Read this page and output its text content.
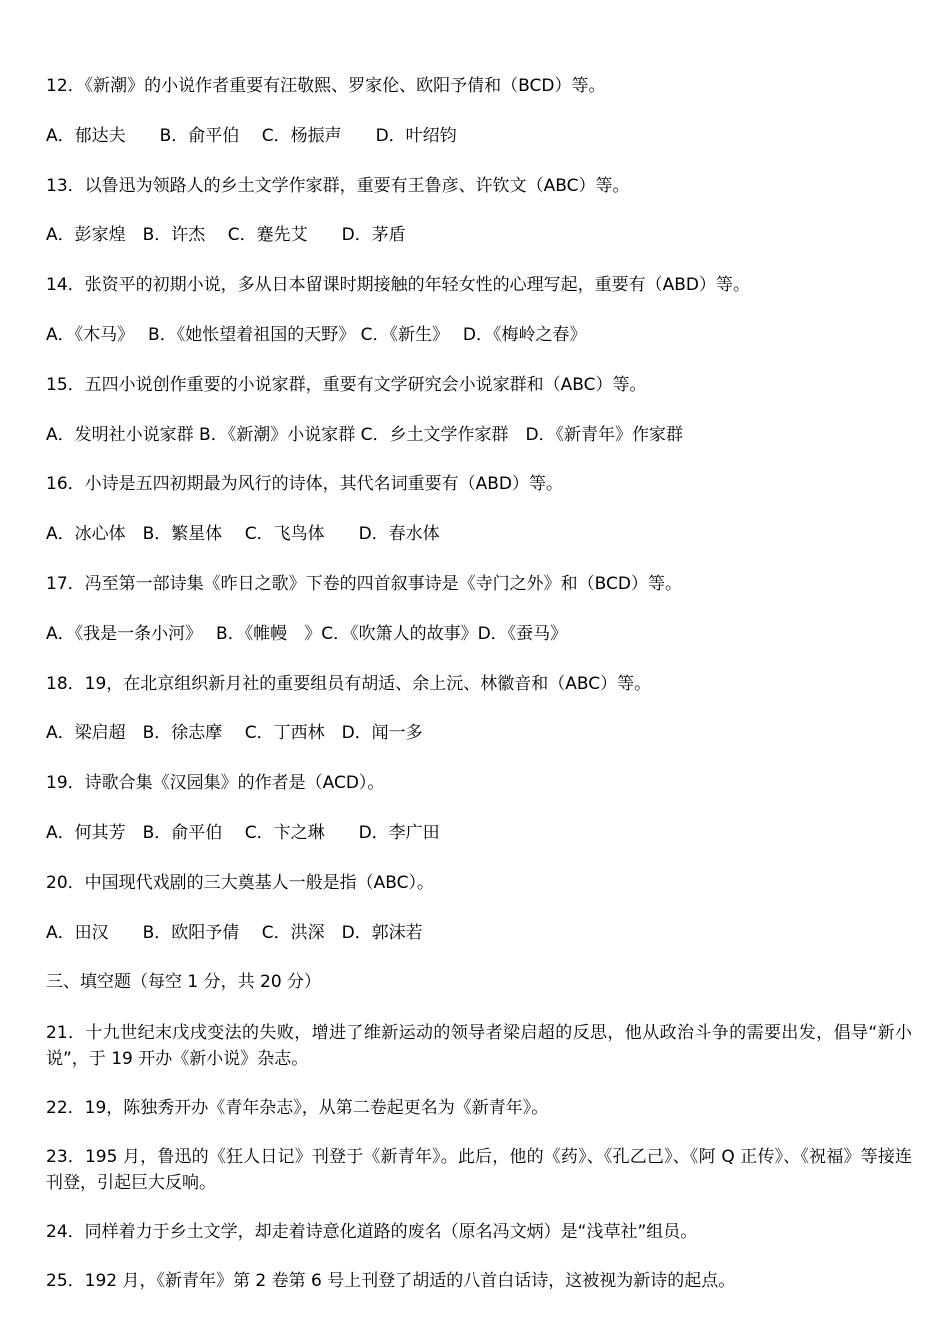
12．《新潮》的小说作者重要有汪敬熙、罗家伦、欧阳予倩和（BCD）等。
A．郁达夫　　B．俞平伯　 C．杨振声　　D．叶绍钧
13．以鲁迅为领路人的乡土文学作家群，重要有王鲁彦、许钦文（ABC）等。
A．彭家煌　B．许杰　 C．蹇先艾　　D．茅盾
14．张资平的初期小说，多从日本留课时期接触的年轻女性的心理写起，重要有（ABD）等。
A．《木马》　 B．《她怅望着祖国的天野》 C．《新生》　 D．《梅岭之春》
15．五四小说创作重要的小说家群，重要有文学研究会小说家群和（ABC）等。
A．发明社小说家群 B．《新潮》小说家群 C．乡土文学作家群　D．《新青年》作家群
16．小诗是五四初期最为风行的诗体，其代名词重要有（ABD）等。
A．冰心体　B．繁星体　 C．飞鸟体　　D．春水体
17．冯至第一部诗集《昨日之歌》下卷的四首叙事诗是《寺门之外》和（BCD）等。
A．《我是一条小河》　 B．《帷幔　》C．《吹箫人的故事》D．《蚕马》
18．19，在北京组织新月社的重要组员有胡适、余上沅、林徽音和（ABC）等。
A．梁启超　B．徐志摩　 C．丁西林　D．闻一多
19．诗歌合集《汉园集》的作者是（ACD）。
A．何其芳　B．俞平伯　 C．卞之琳　　D．李广田
20．中国现代戏剧的三大奠基人一般是指（ABC）。
A．田汉　　B．欧阳予倩　 C．洪深　D．郭沫若
三、填空题（每空 1 分，共 20 分）
21．十九世纪末戊戌变法的失败，增进了维新运动的领导者梁启超的反思，他从政治斗争的需要出发，倡导“新小说”，于 19 开办《新小说》杂志。
22．19，陈独秀开办《青年杂志》，从第二卷起更名为《新青年》。
23．195 月，鲁迅的《狂人日记》刊登于《新青年》。此后，他的《药》、《孔乙己》、《阿 Q 正传》、《祝福》等接连刊登，引起巨大反响。
24．同样着力于乡土文学，却走着诗意化道路的废名（原名冯文炳）是“浅草社”组员。
25．192 月，《新青年》第 2 卷第 6 号上刊登了胡适的八首白话诗，这被视为新诗的起点。
